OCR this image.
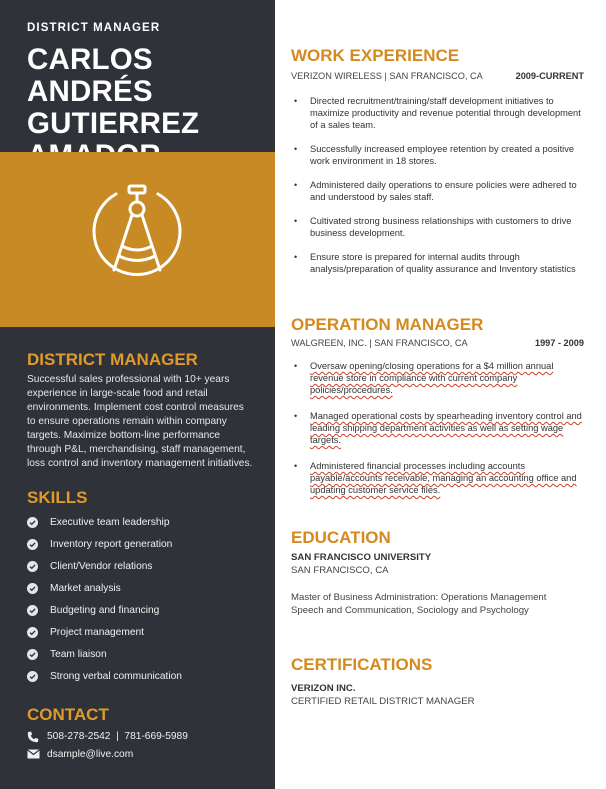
DISTRICT MANAGER
CARLOS ANDRÉS
GUTIERREZ
DISTRICT MANAGER

Successful sales professional with 10+ years experience in large-scale food and retail environments. Implement cost control measures to ensure operations remain within company targets. Maximize bottom-line performance through P&L, merchandising, staff management, loss control and inventory management initiatives.

SKILLS
Executive team leadership
Inventory report generation
Client/Vendor relations
Market analysis
Budgeting and financing
Project management
Team liaison
Strong verbal communication
CONTACT
508-278-2542  |  781-669-5989
dsample@live.com
WORK EXPERIENCE
VERIZON WIRELESS | SAN FRANCISCO, CA	2009-CURRENT
• Directed recruitment/training/staff development initiatives to maximize productivity and revenue potential through development of a sales team.
• Successfully increased employee retention by created a positive work environment in 18 stores.
• Administered daily operations to ensure policies were adhered to and understood by sales staff.
• Cultivated strong business relationships with customers to drive business development.
• Ensure store is prepared for internal audits through analysis/preparation of quality assurance and Inventory statistics
OPERATION MANAGER
WALGREEN, INC. | SAN FRANCISCO, CA	1997 - 2009
• Oversaw opening/closing operations for a $4 million annual revenue store in compliance with current company policies/procedures.
• Managed operational costs by spearheading inventory control and leading shipping department activities as well as setting wage targets.
• Administered financial processes including accounts payable/accounts receivable, managing an accounting office and updating customer service files.
EDUCATION
SAN FRANCISCO UNIVERSITY
SAN FRANCISCO, CA
Master of Business Administration: Operations Management
Speech and Communication, Sociology and Psychology
CERTIFICATIONS
VERIZON INC.
CERTIFIED RETAIL DISTRICT MANAGER
